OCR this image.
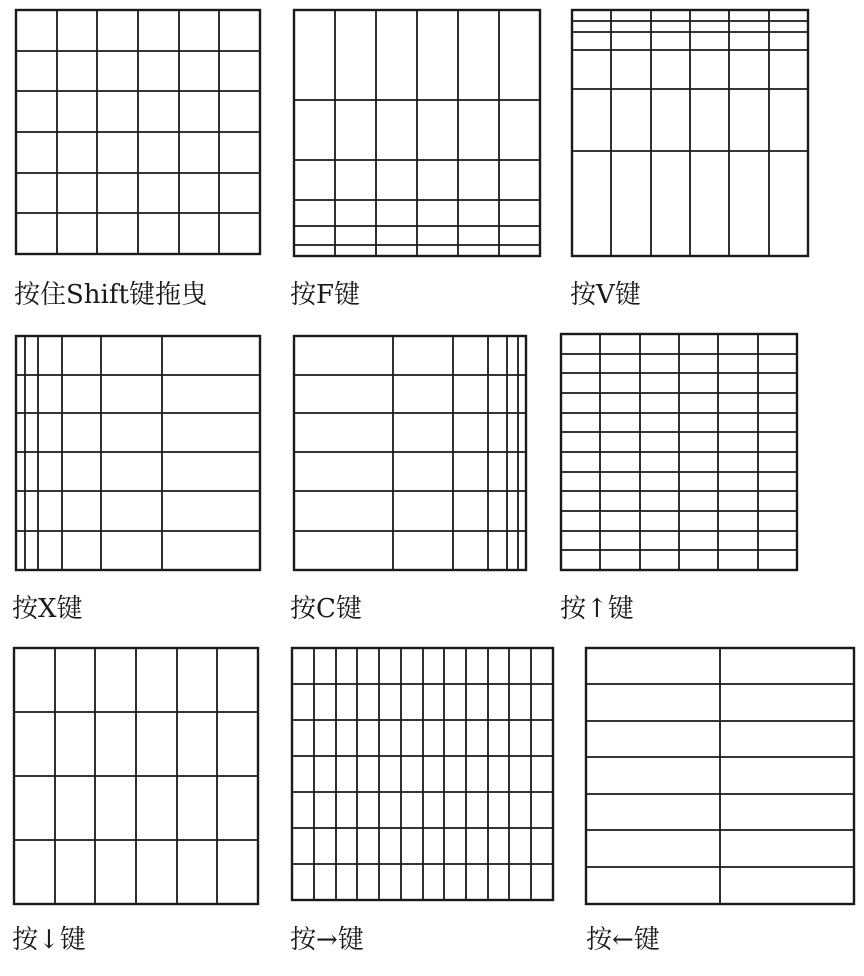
按住Shift键拖曳	按F键	按V键
按X键	按C键	按↑键
按↓键	按→键	按←键
